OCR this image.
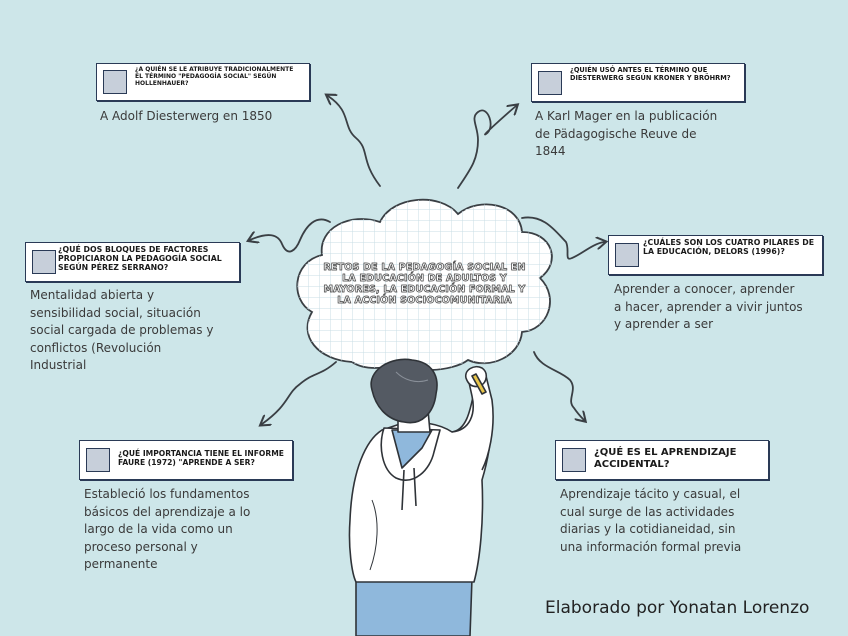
¿A QUIÉN SE LE ATRIBUYE TRADICIONALMENTE EL TÉRMINO "PEDAGOGÍA SOCIAL" SEGÚN HOLLENHAUER?

A Adolf Diesterwerg en 1850

¿QUIÉN USÓ ANTES EL TÉRMINO QUE DIESTERWERG SEGÚN KRONER Y BRÖHRM?

A Karl Mager en la publicación de Pädagogische Reuve de 1844

¿QUÉ DOS BLOQUES DE FACTORES PROPICIARON LA PEDAGOGÍA SOCIAL SEGÚN PÉREZ SERRANO?

Mentalidad abierta y sensibilidad social, situación social cargada de problemas y conflictos (Revolución Industrial

¿CUÁLES SON LOS CUATRO PILARES DE LA EDUCACIÓN, DELORS (1996)?

Aprender a conocer, aprender a hacer, aprender a vivir juntos y aprender a ser

¿QUÉ IMPORTANCIA TIENE EL INFORME FAURE (1972) "APRENDE A SER?

Estableció los fundamentos básicos del aprendizaje a lo largo de la vida como un proceso personal y permanente

¿QUÉ ES EL APRENDIZAJE ACCIDENTAL?

Aprendizaje tácito y casual, el cual surge de las actividades diarias y la cotidianeidad, sin una información formal previa

RETOS DE LA PEDAGOGÍA SOCIAL EN LA EDUCACIÓN DE ADULTOS Y MAYORES, LA EDUCACIÓN FORMAL Y LA ACCIÓN SOCIOCOMUNITARIA
Elaborado por Yonatan Lorenzo
